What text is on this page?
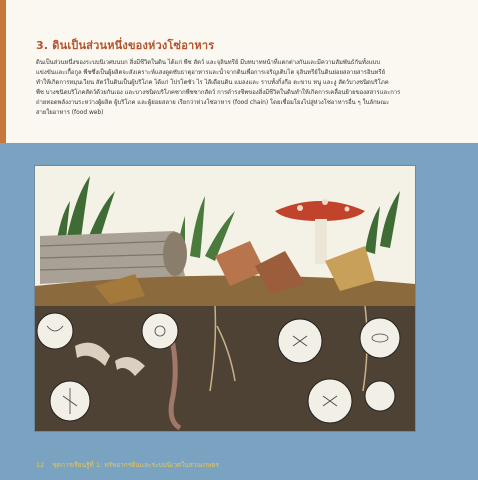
3. ดินเป็นส่วนหนึ่งของห่วงโซ่อาหาร

ดินเป็นส่วนหนึ่งของระบบนิเวศบนบก สิ่งมีชีวิตในดิน ได้แก่ พืช สัตว์ และจุลินทรีย์ มีบทบาทหน้าที่แตกต่างกันและมีความสัมพันธ์กันทั้งแบบ

แข่งขันและเกื้อกูล พืชซึ่งเป็นผู้ผลิตจะสังเคราะห์แสงดูดซับธาตุอาหารและน้ำจากดินเพื่อการเจริญเติบโต จุลินทรีย์ในดินย่อยสลายสารอินทรีย์

ทำให้เกิดการหมุนเวียน สัตว์ในดินเป็นผู้บริโภค ได้แก่ โปรโตซัว ไร ไส้เดือนดิน แมลงและ ราบทั้งกิ้งกือ ตะขาบ หนู และงู สัตว์บางชนิดบริโภค

พืช บางชนิดบริโภคสัตว์ด้วยกันเอง และบางชนิดบริโภคซากพืชซากสัตว์ การดำรงชีพของสิ่งมีชีวิตในดินทำให้เกิดการเคลื่อนย้ายของสสารและการ

ถ่ายทอดพลังงานระหว่างผู้ผลิต ผู้บริโภค และผู้ย่อยสลาย เรียกว่าห่วงโซ่อาหาร (food chain) โดยเชื่อมโยงไปสู่ห่วงโซ่อาหารอื่น ๆ ในลักษณะ

สายใยอาหาร (food web)

12 ชุดการเรียนรู้ที่ 1: ทรัพยากรดินและระบบนิเวศในสวนเกษตร
